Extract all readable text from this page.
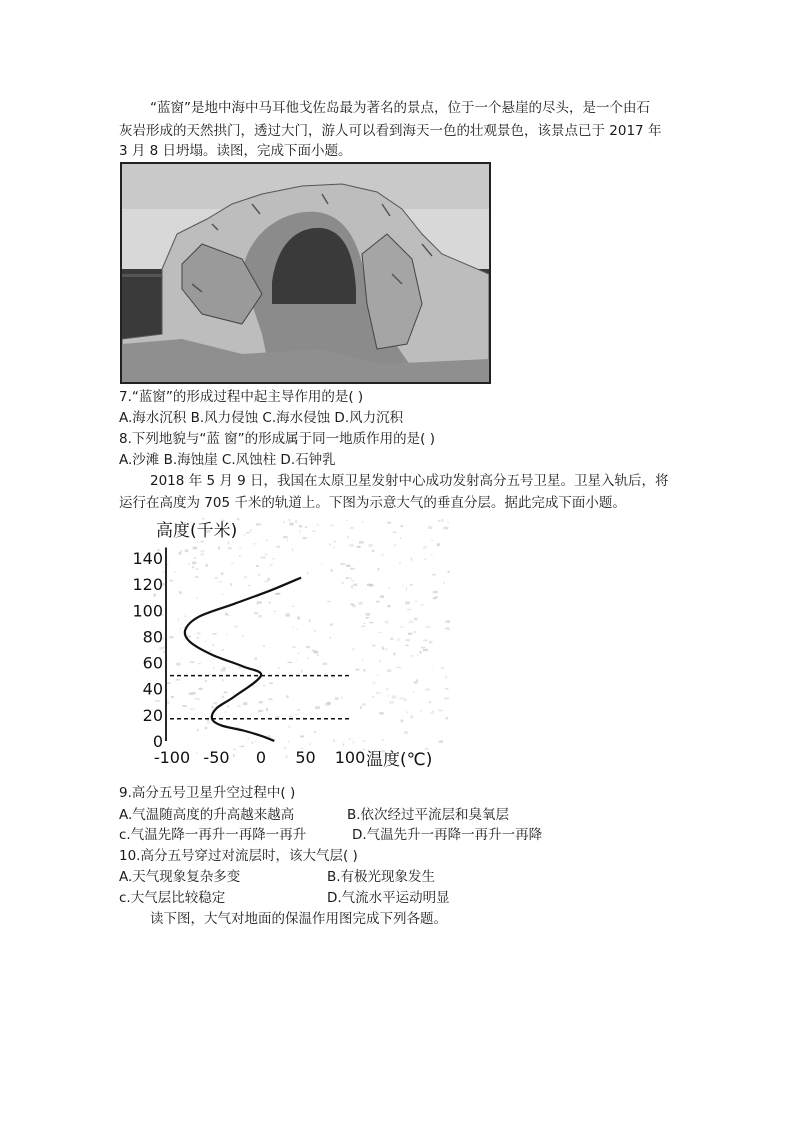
“蓝窗”是地中海中马耳他戈佐岛最为著名的景点，位于一个悬崖的尽头，是一个由石
灰岩形成的天然拱门，透过大门，游人可以看到海天一色的壮观景色，该景点已于 2017 年
3 月 8 日坍塌。读图，完成下面小题。
7.“蓝窗”的形成过程中起主导作用的是( )
A.海水沉积 B.风力侵蚀 C.海水侵蚀 D.风力沉积
8.下列地貌与“蓝 窗”的形成属于同一地质作用的是( )
A.沙滩 B.海蚀崖 C.风蚀柱 D.石钟乳
2018 年 5 月 9 日，我国在太原卫星发射中心成功发射高分五号卫星。卫星入轨后，将
运行在高度为 705 千米的轨道上。下图为示意大气的垂直分层。据此完成下面小题。
高度(千米)
0
20
40
60
80
100
120
140
-100 -50 0 50 100 温度(℃)
9.高分五号卫星升空过程中( )
A.气温随高度的升高越来越高	B.依次经过平流层和臭氧层
c.气温先降一再升一再降一再升	D.气温先升一再降一再升一再降
10.高分五号穿过对流层时，该大气层( )
A.天气现象复杂多变	B.有极光现象发生
c.大气层比较稳定	D.气流水平运动明显
读下图，大气对地面的保温作用图完成下列各题。
